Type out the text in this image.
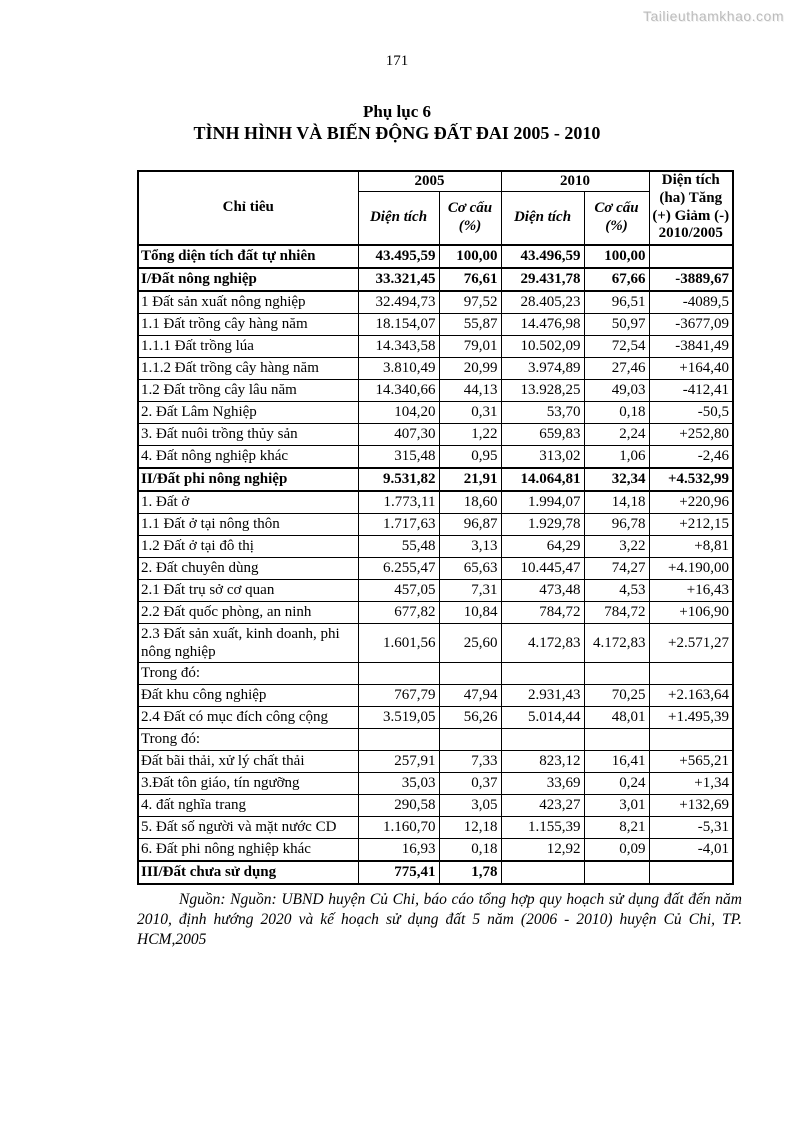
Tailieuthamkhao.com
171
Phụ lục 6
TÌNH HÌNH VÀ BIẾN ĐỘNG ĐẤT ĐAI 2005 - 2010
Chỉ tiêu	2005		2010		Diện tích (ha) Tăng (+) Giảm (-) 2010/2005
	Diện tích	Cơ cấu (%)	Diện tích	Cơ cấu (%)	
Tổng diện tích đất tự nhiên	43.495,59	100,00	43.496,59	100,00	
I/Đất nông nghiệp	33.321,45	76,61	29.431,78	67,66	-3889,67
1 Đất sản xuất nông nghiệp	32.494,73	97,52	28.405,23	96,51	-4089,5
1.1 Đất trồng cây hàng năm	18.154,07	55,87	14.476,98	50,97	-3677,09
1.1.1 Đất trồng lúa	14.343,58	79,01	10.502,09	72,54	-3841,49
1.1.2 Đất trồng cây hàng năm	3.810,49	20,99	3.974,89	27,46	+164,40
1.2 Đất trồng cây lâu năm	14.340,66	44,13	13.928,25	49,03	-412,41
2. Đất Lâm Nghiệp	104,20	0,31	53,70	0,18	-50,5
3. Đất nuôi trồng thủy sản	407,30	1,22	659,83	2,24	+252,80
4. Đất nông nghiệp khác	315,48	0,95	313,02	1,06	-2,46
II/Đất phi nông nghiệp	9.531,82	21,91	14.064,81	32,34	+4.532,99
1. Đất ở	1.773,11	18,60	1.994,07	14,18	+220,96
1.1 Đất ở tại nông thôn	1.717,63	96,87	1.929,78	96,78	+212,15
1.2 Đất ở tại đô thị	55,48	3,13	64,29	3,22	+8,81
2. Đất chuyên dùng	6.255,47	65,63	10.445,47	74,27	+4.190,00
2.1 Đất trụ sở cơ quan	457,05	7,31	473,48	4,53	+16,43
2.2 Đất quốc phòng, an ninh	677,82	10,84	784,72	784,72	+106,90
2.3 Đất sản xuất, kinh doanh, phi nông nghiệp	1.601,56	25,60	4.172,83	4.172,83	+2.571,27
Trong đó:					
Đất khu công nghiệp	767,79	47,94	2.931,43	70,25	+2.163,64
2.4 Đất có mục đích công cộng	3.519,05	56,26	5.014,44	48,01	+1.495,39
Trong đó:					
Đất bãi thải, xử lý chất thải	257,91	7,33	823,12	16,41	+565,21
3.Đất tôn giáo, tín ngưỡng	35,03	0,37	33,69	0,24	+1,34
4. đất nghĩa trang	290,58	3,05	423,27	3,01	+132,69
5. Đất số người và mặt nước CD	1.160,70	12,18	1.155,39	8,21	-5,31
6. Đất phi nông nghiệp khác	16,93	0,18	12,92	0,09	-4,01
III/Đất chưa sử dụng	775,41	1,78			

Nguồn: Nguồn: UBND huyện Củ Chi, báo cáo tổng hợp quy hoạch sử dụng đất đến năm 2010, định hướng 2020 và kế hoạch sử dụng đất 5 năm (2006 - 2010) huyện Củ Chi, TP. HCM,2005
